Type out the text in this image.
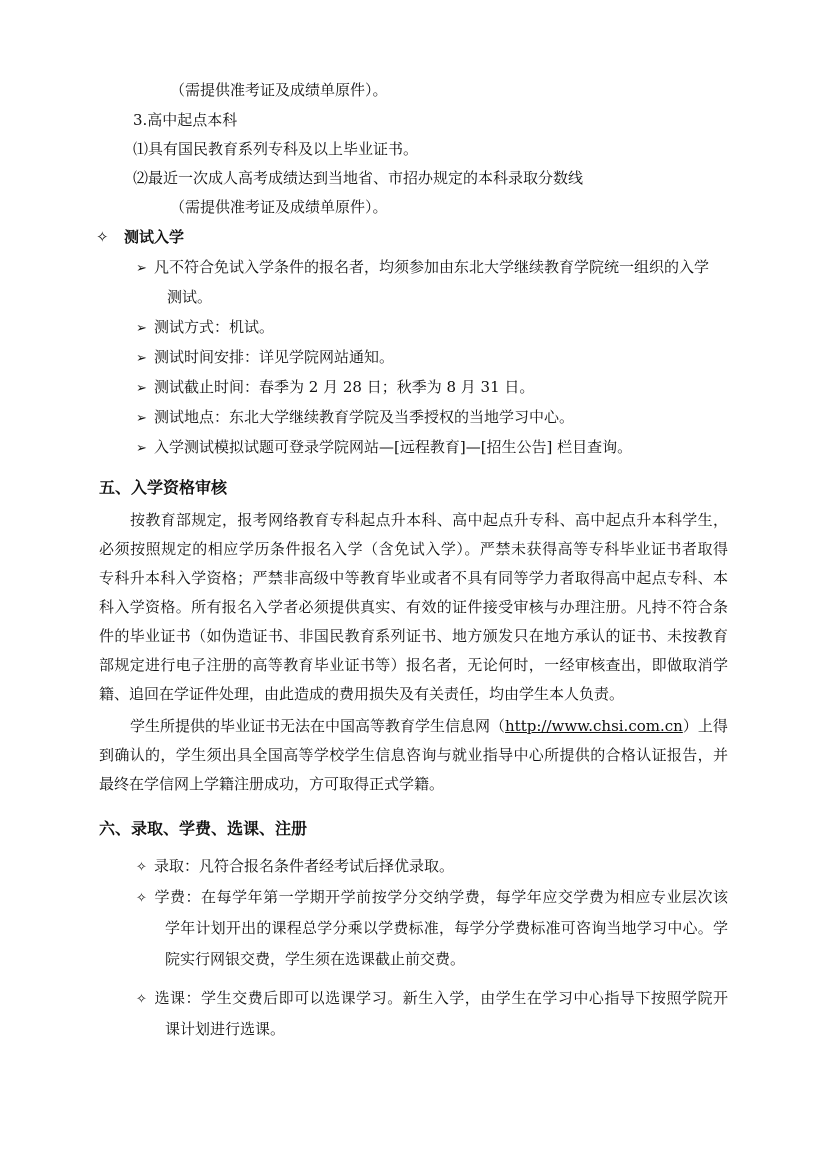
（需提供准考证及成绩单原件）。
3.高中起点本科
⑴具有国民教育系列专科及以上毕业证书。
⑵最近一次成人高考成绩达到当地省、市招办规定的本科录取分数线
（需提供准考证及成绩单原件）。
✧ 测试入学
➢ 凡不符合免试入学条件的报名者，均须参加由东北大学继续教育学院统一组织的入学
测试。
➢ 测试方式：机试。
➢ 测试时间安排：详见学院网站通知。
➢ 测试截止时间：春季为 2 月 28 日；秋季为 8 月 31 日。
➢ 测试地点：东北大学继续教育学院及当季授权的当地学习中心。
➢ 入学测试模拟试题可登录学院网站—[远程教育]—[招生公告] 栏目查询。
五、入学资格审核
按教育部规定，报考网络教育专科起点升本科、高中起点升专科、高中起点升本科学生，
必须按照规定的相应学历条件报名入学（含免试入学）。严禁未获得高等专科毕业证书者取得
专科升本科入学资格；严禁非高级中等教育毕业或者不具有同等学力者取得高中起点专科、本
科入学资格。所有报名入学者必须提供真实、有效的证件接受审核与办理注册。凡持不符合条
件的毕业证书（如伪造证书、非国民教育系列证书、地方颁发只在地方承认的证书、未按教育
部规定进行电子注册的高等教育毕业证书等）报名者，无论何时，一经审核查出，即做取消学
籍、追回在学证件处理，由此造成的费用损失及有关责任，均由学生本人负责。
学生所提供的毕业证书无法在中国高等教育学生信息网（http://www.chsi.com.cn）上得
到确认的，学生须出具全国高等学校学生信息咨询与就业指导中心所提供的合格认证报告，并
最终在学信网上学籍注册成功，方可取得正式学籍。
六、录取、学费、选课、注册
✧ 录取：凡符合报名条件者经考试后择优录取。
✧ 学费：在每学年第一学期开学前按学分交纳学费，每学年应交学费为相应专业层次该
学年计划开出的课程总学分乘以学费标准，每学分学费标准可咨询当地学习中心。学
院实行网银交费，学生须在选课截止前交费。
✧ 选课：学生交费后即可以选课学习。新生入学，由学生在学习中心指导下按照学院开
课计划进行选课。
